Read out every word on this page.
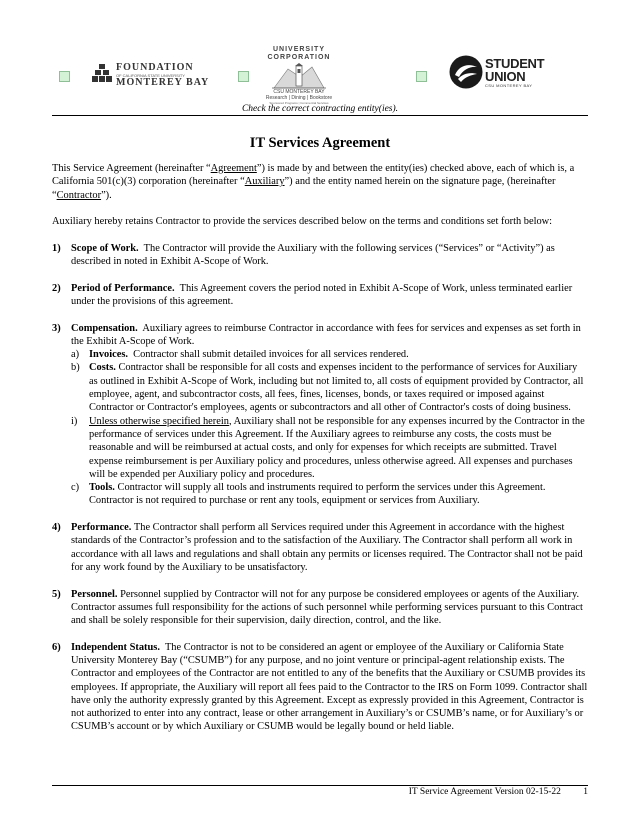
FOUNDATION
OF CALIFORNIA STATE UNIVERSITY
MONTEREY BAY
UNIVERSITY
CORPORATION
CSU MONTEREY BAY
Research | Dining | Bookstore
Sponsored Programs | Commercial Services
STUDENT
UNION
CSU MONTEREY BAY
Check the correct contracting entity(ies).
IT Services Agreement

This Service Agreement (hereinafter “Agreement”) is made by and between the entity(ies) checked above, each of which is, a California 501(c)(3) corporation (hereinafter “Auxiliary”) and the entity named herein on the signature page, (hereinafter “Contractor”).

Auxiliary hereby retains Contractor to provide the services described below on the terms and conditions set forth below:

1) Scope of Work. The Contractor will provide the Auxiliary with the following services (“Services” or “Activity”) as described in noted in Exhibit A-Scope of Work.
2) Period of Performance. This Agreement covers the period noted in Exhibit A-Scope of Work, unless terminated earlier under the provisions of this agreement.
3) Compensation. Auxiliary agrees to reimburse Contractor in accordance with fees for services and expenses as set forth in the Exhibit A-Scope of Work.
a) Invoices. Contractor shall submit detailed invoices for all services rendered.
b) Costs. Contractor shall be responsible for all costs and expenses incident to the performance of services for Auxiliary as outlined in Exhibit A-Scope of Work, including but not limited to, all costs of equipment provided by Contractor, all employee, agent, and subcontractor costs, all fees, fines, licenses, bonds, or taxes required or imposed against Contractor or Contractor's employees, agents or subcontractors and all other of Contractor's costs of doing business.
i) Unless otherwise specified herein, Auxiliary shall not be responsible for any expenses incurred by the Contractor in the performance of services under this Agreement. If the Auxiliary agrees to reimburse any costs, the costs must be reasonable and will be reimbursed at actual costs, and only for expenses for which receipts are submitted. Travel expense reimbursement is per Auxiliary policy and procedures, unless otherwise agreed. All expenses and purchases will be expended per Auxiliary policy and procedures.
c) Tools. Contractor will supply all tools and instruments required to perform the services under this Agreement. Contractor is not required to purchase or rent any tools, equipment or services from Auxiliary.
4) Performance. The Contractor shall perform all Services required under this Agreement in accordance with the highest standards of the Contractor’s profession and to the satisfaction of the Auxiliary. The Contractor shall perform all work in accordance with all laws and regulations and shall obtain any permits or licenses required. The Contractor shall not be paid for any work found by the Auxiliary to be unsatisfactory.
5) Personnel. Personnel supplied by Contractor will not for any purpose be considered employees or agents of the Auxiliary. Contractor assumes full responsibility for the actions of such personnel while performing services pursuant to this Contract and shall be solely responsible for their supervision, daily direction, control, and the like.
6) Independent Status. The Contractor is not to be considered an agent or employee of the Auxiliary or California State University Monterey Bay (“CSUMB”) for any purpose, and no joint venture or principal-agent relationship exists. The Contractor and employees of the Contractor are not entitled to any of the benefits that the Auxiliary or CSUMB provides its employees. If appropriate, the Auxiliary will report all fees paid to the Contractor to the IRS on Form 1099. Contractor shall have only the authority expressly granted by this Agreement. Except as expressly provided in this Agreement, Contractor is not authorized to enter into any contract, lease or other arrangement in Auxiliary’s or CSUMB’s name, or for Auxiliary’s or CSUMB’s account or by which Auxiliary or CSUMB would be legally bound or held liable.
IT Service Agreement Version 02-15-22 1
